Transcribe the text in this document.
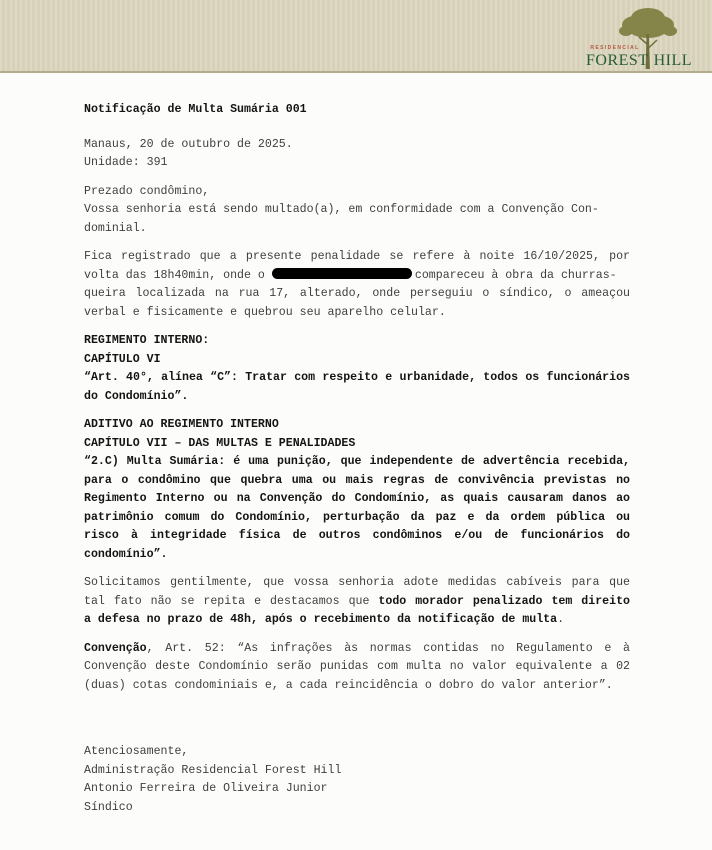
RESIDENCIAL
FOREST HILL
Notificação de Multa Sumária 001
Manaus, 20 de outubro de 2025.
Unidade: 391
Prezado condômino,
Vossa senhoria está sendo multado(a), em conformidade com a Convenção Con-
dominial.
Fica registrado que a presente penalidade se refere à noite 16/10/2025, por
volta das 18h40min, onde o	compareceu à obra da churras-
queira localizada na rua 17, alterado, onde perseguiu o síndico, o ameaçou
verbal e fisicamente e quebrou seu aparelho celular.
REGIMENTO INTERNO:
CAPÍTULO VI
“Art. 40°, alínea “C”: Tratar com respeito e urbanidade, todos os funcionários
do Condomínio”.
ADITIVO AO REGIMENTO INTERNO
CAPÍTULO VII – DAS MULTAS E PENALIDADES
“2.C) Multa Sumária: é uma punição, que independente de advertência recebida,
para o condômino que quebra uma ou mais regras de convivência previstas no
Regimento Interno ou na Convenção do Condomínio, as quais causaram danos ao
patrimônio comum do Condomínio, perturbação da paz e da ordem pública ou
risco à integridade física de outros condôminos e/ou de funcionários do
condomínio”.
Solicitamos gentilmente, que vossa senhoria adote medidas cabíveis para que
tal fato não se repita e destacamos que todo morador penalizado tem direito
a defesa no prazo de 48h, após o recebimento da notificação de multa.
Convenção, Art. 52: “As infrações às normas contidas no Regulamento e à
Convenção deste Condomínio serão punidas com multa no valor equivalente a 02
(duas) cotas condominiais e, a cada reincidência o dobro do valor anterior”.
Atenciosamente,
Administração Residencial Forest Hill
Antonio Ferreira de Oliveira Junior
Síndico
